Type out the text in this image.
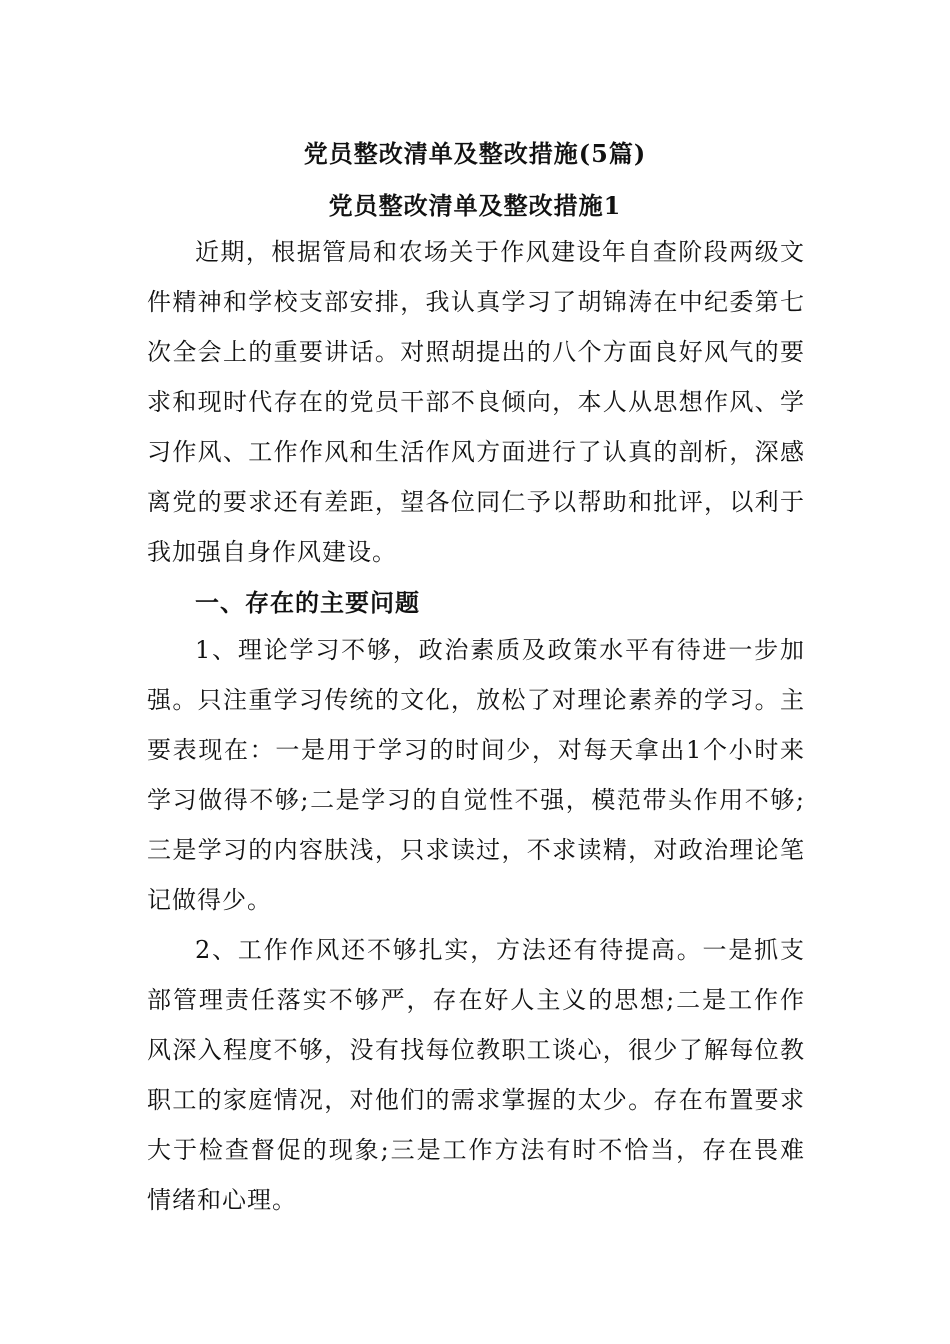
党员整改清单及整改措施(5篇)
党员整改清单及整改措施1

近期，根据管局和农场关于作风建设年自查阶段两级文件精神和学校支部安排，我认真学习了胡锦涛在中纪委第七次全会上的重要讲话。对照胡提出的八个方面良好风气的要求和现时代存在的党员干部不良倾向，本人从思想作风、学习作风、工作作风和生活作风方面进行了认真的剖析，深感离党的要求还有差距，望各位同仁予以帮助和批评，以利于我加强自身作风建设。

一、存在的主要问题

1、理论学习不够，政治素质及政策水平有待进一步加强。只注重学习传统的文化，放松了对理论素养的学习。主要表现在：一是用于学习的时间少，对每天拿出1个小时来学习做得不够;二是学习的自觉性不强，模范带头作用不够;三是学习的内容肤浅，只求读过，不求读精，对政治理论笔记做得少。

2、工作作风还不够扎实，方法还有待提高。一是抓支部管理责任落实不够严，存在好人主义的思想;二是工作作风深入程度不够，没有找每位教职工谈心，很少了解每位教职工的家庭情况，对他们的需求掌握的太少。存在布置要求大于检查督促的现象;三是工作方法有时不恰当，存在畏难情绪和心理。
